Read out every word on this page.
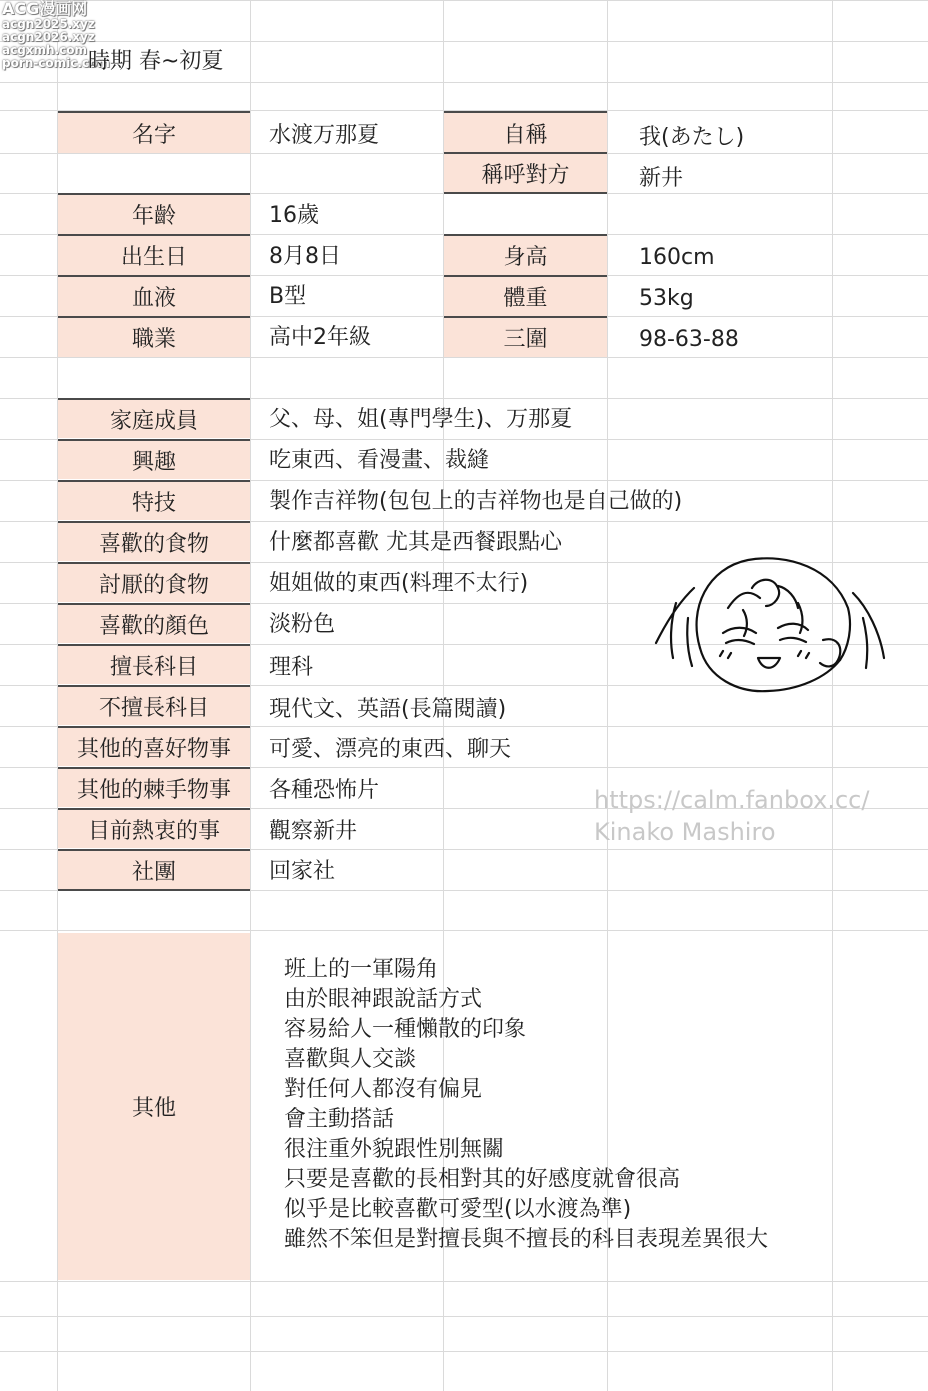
ACG漫画网
acgn2025.xyz
acgn2026.xyz
acgxmh.com
porn-comic.com
時期 春~初夏
名字	水渡万那夏	自稱	我(あたし)
稱呼對方	新井
年齡	16歲
出生日	8月8日	身高	160cm
血液	B型	體重	53kg
職業	高中2年級	三圍	98-63-88
家庭成員	父、母、姐(專門學生)、万那夏
興趣	吃東西、看漫畫、裁縫
特技	製作吉祥物(包包上的吉祥物也是自己做的)
喜歡的食物	什麼都喜歡 尤其是西餐跟點心
討厭的食物	姐姐做的東西(料理不太行)
喜歡的顏色	淡粉色
擅長科目	理科
不擅長科目	現代文、英語(長篇閱讀)
其他的喜好物事	可愛、漂亮的東西、聊天
其他的棘手物事	各種恐怖片
目前熱衷的事	觀察新井
社團	回家社
https://calm.fanbox.cc/
Kinako Mashiro
其他
班上的一軍陽角
由於眼神跟說話方式
容易給人一種懶散的印象
喜歡與人交談
對任何人都沒有偏見
會主動搭話
很注重外貌跟性別無關
只要是喜歡的長相對其的好感度就會很高
似乎是比較喜歡可愛型(以水渡為準)
雖然不笨但是對擅長與不擅長的科目表現差異很大
